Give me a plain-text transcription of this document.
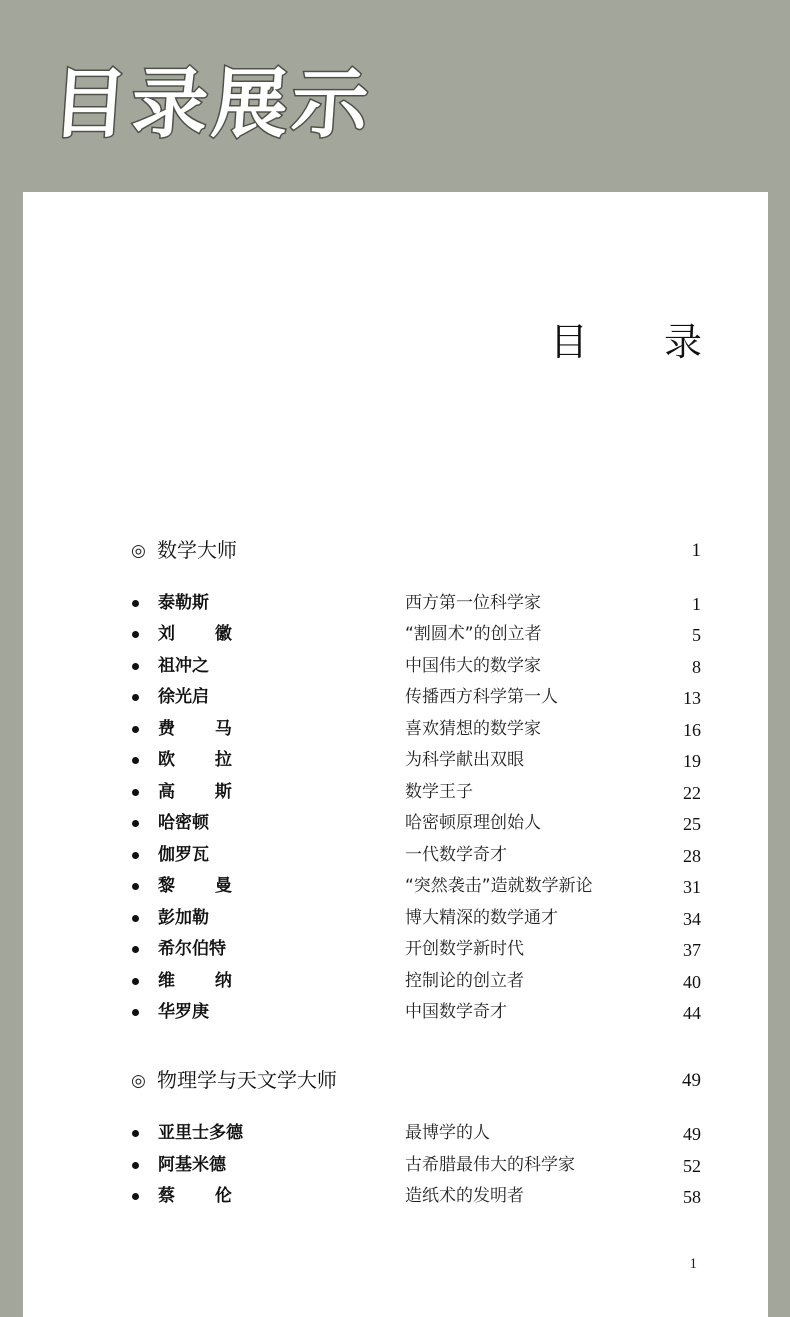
目录展示
目 录
◎ 数学大师	1
泰勒斯	西方第一位科学家	1
刘 徽	“割圆术”的创立者	5
祖冲之	中国伟大的数学家	8
徐光启	传播西方科学第一人	13
费 马	喜欢猜想的数学家	16
欧 拉	为科学献出双眼	19
高 斯	数学王子	22
哈密顿	哈密顿原理创始人	25
伽罗瓦	一代数学奇才	28
黎 曼	“突然袭击”造就数学新论	31
彭加勒	博大精深的数学通才	34
希尔伯特	开创数学新时代	37
维 纳	控制论的创立者	40
华罗庚	中国数学奇才	44
◎ 物理学与天文学大师	49
亚里士多德	最博学的人	49
阿基米德	古希腊最伟大的科学家	52
蔡 伦	造纸术的发明者	58
1
